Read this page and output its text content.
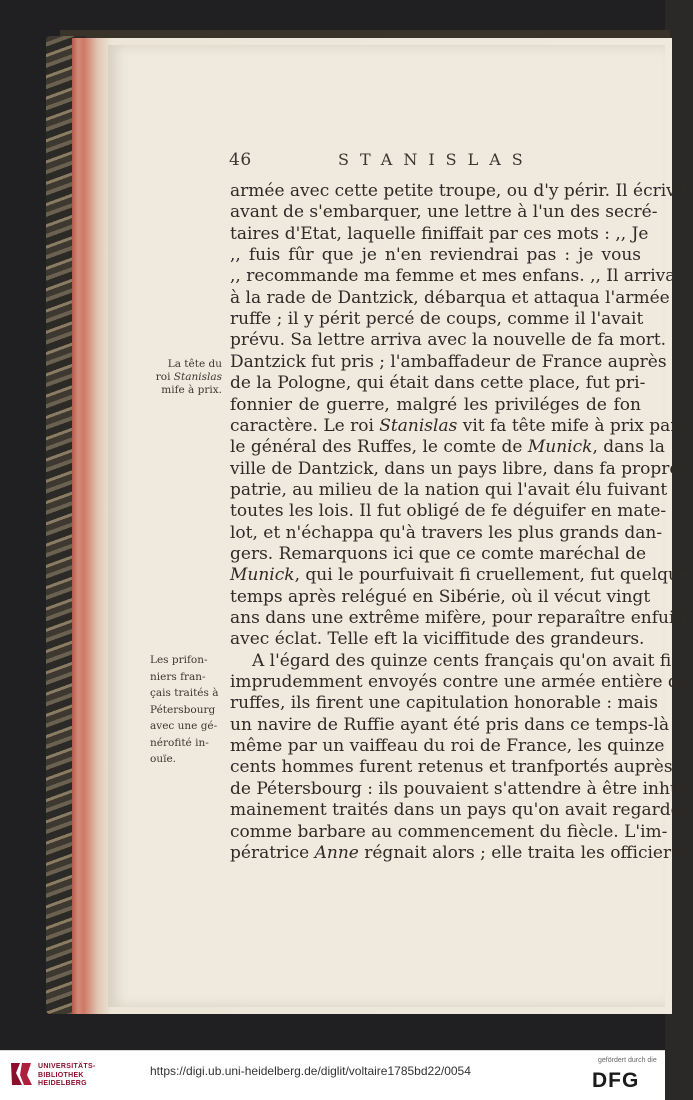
46	STANISLAS

armée avec cette petite troupe, ou d'y périr. Il écrivit,

avant de s'embarquer, une lettre à l'un des secré-

taires d'Etat, laquelle finiffait par ces mots : ,, Je

,, fuis fûr que je n'en reviendrai pas : je vous

,, recommande ma femme et mes enfans. ,, Il arriva

à la rade de Dantzick, débarqua et attaqua l'armée

ruffe ; il y périt percé de coups, comme il l'avait

prévu. Sa lettre arriva avec la nouvelle de fa mort.

Dantzick fut pris ; l'ambaffadeur de France auprès

de la Pologne, qui était dans cette place, fut pri-

fonnier de guerre, malgré les priviléges de fon

caractère. Le roi Stanislas vit fa tête mife à prix par

le général des Ruffes, le comte de Munick, dans la

ville de Dantzick, dans un pays libre, dans fa propre

patrie, au milieu de la nation qui l'avait élu fuivant

toutes les lois. Il fut obligé de fe déguifer en mate-

lot, et n'échappa qu'à travers les plus grands dan-

gers. Remarquons ici que ce comte maréchal de

Munick, qui le pourfuivait fi cruellement, fut quelque

temps après relégué en Sibérie, où il vécut vingt

ans dans une extrême mifère, pour reparaître enfuite

avec éclat. Telle eft la viciffitude des grandeurs.

A l'égard des quinze cents français qu'on avait fi

imprudemment envoyés contre une armée entière de

ruffes, ils firent une capitulation honorable : mais

un navire de Ruffie ayant été pris dans ce temps-là

même par un vaiffeau du roi de France, les quinze

cents hommes furent retenus et tranfportés auprès

de Pétersbourg : ils pouvaient s'attendre à être inhu-

mainement traités dans un pays qu'on avait regardé

comme barbare au commencement du fiècle. L'im-

pératrice Anne régnait alors ; elle traita les officiers

La tête du
roi Stanislas
mife à prix.
Les prifon-
niers fran-
çais traités à
Pétersbourg
avec une gé-
nérofité in-
ouïe.
UNIVERSITÄTS-
BIBLIOTHEK
HEIDELBERG
https://digi.ub.uni-heidelberg.de/diglit/voltaire1785bd22/0054
gefördert durch die
DFG
